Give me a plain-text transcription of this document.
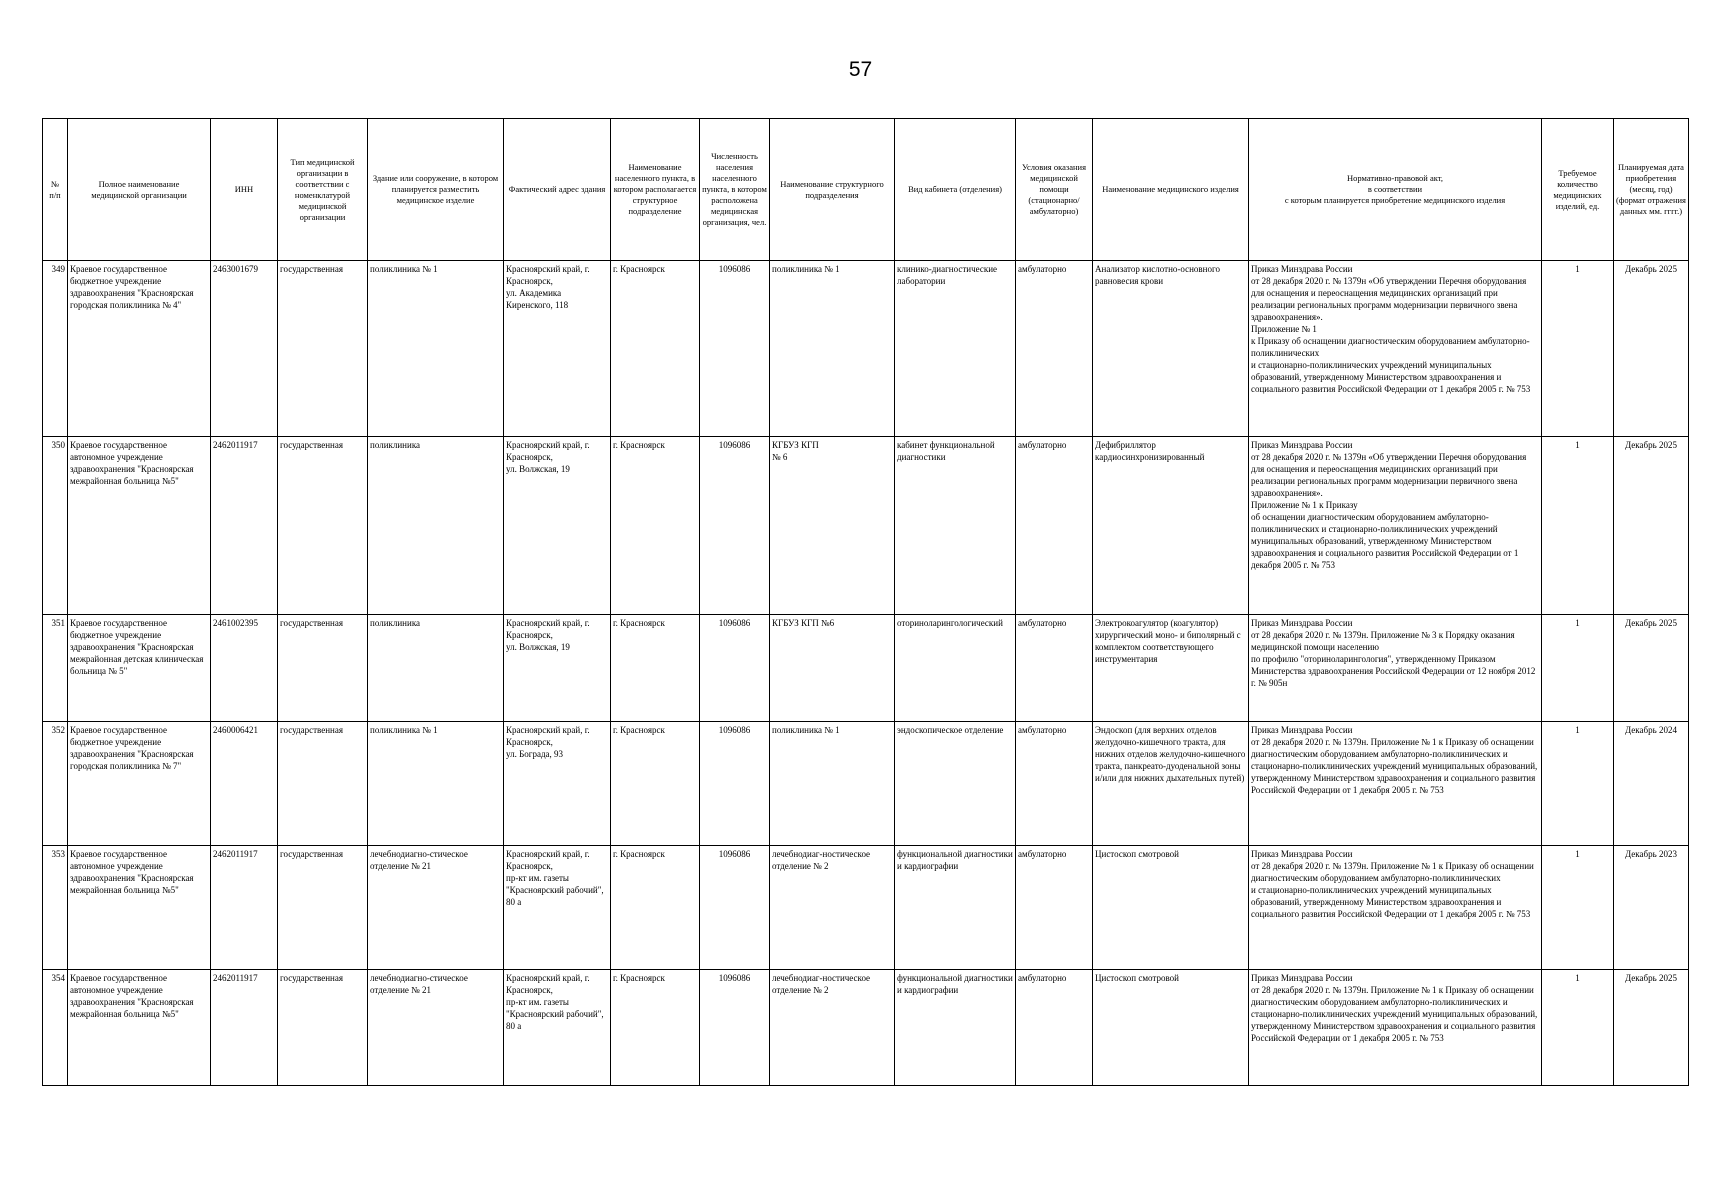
57
№
п/п	Полное наименование
медицинской организации	ИНН	Тип медицинской организации в соответствии с номенклатурой медицинской организации	Здание или сооружение, в котором планируется разместить медицинское изделие	Фактический адрес здания	Наименование населенного пункта, в котором располагается структурное подразделение	Численность населения населенного пункта, в котором расположена медицинская организация, чел.	Наименование структурного подразделения	Вид кабинета (отделения)	Условия оказания медицинской помощи (стационарно/ амбулаторно)	Наименование медицинского изделия	Нормативно-правовой акт,
в соответствии
с которым планируется приобретение медицинского изделия	Требуемое количество медицинских изделий, ед.	Планируемая дата приобретения (месяц, год) (формат отражения данных мм. гггг.)
349	Краевое государственное бюджетное учреждение здравоохранения "Красноярская городская поликлиника № 4"	2463001679	государственная	поликлиника № 1	Красноярский край, г. Красноярск,
ул. Академика Киренского, 118	г. Красноярск	1096086	поликлиника № 1	клинико-диагностические лаборатории	амбулаторно	Анализатор кислотно-основного равновесия крови	Приказ Минздрава России
от 28 декабря 2020 г. № 1379н «Об утверждении Перечня оборудования для оснащения и переоснащения медицинских организаций при реализации региональных программ модернизации первичного звена здравоохранения».
Приложение № 1
к Приказу об оснащении диагностическим оборудованием амбулаторно-поликлинических
и стационарно-поликлинических учреждений муниципальных образований, утвержденному Министерством здравоохранения и социального развития Российской Федерации от 1 декабря 2005 г. № 753	1	Декабрь 2025
350	Краевое государственное автономное учреждение здравоохранения "Красноярская межрайонная больница №5"	2462011917	государственная	поликлиника	Красноярский край, г. Красноярск,
ул. Волжская, 19	г. Красноярск	1096086	КГБУЗ КГП
№ 6	кабинет функциональной диагностики	амбулаторно	Дефибриллятор кардиосинхронизированный	Приказ Минздрава России
от 28 декабря 2020 г. № 1379н «Об утверждении Перечня оборудования для оснащения и переоснащения медицинских организаций при реализации региональных программ модернизации первичного звена здравоохранения».
Приложение № 1 к Приказу
об оснащении диагностическим оборудованием амбулаторно-поликлинических и стационарно-поликлинических учреждений муниципальных образований, утвержденному Министерством здравоохранения и социального развития Российской Федерации от 1 декабря 2005 г. № 753	1	Декабрь 2025
351	Краевое государственное бюджетное учреждение здравоохранения "Красноярская межрайонная детская клиническая больница № 5"	2461002395	государственная	поликлиника	Красноярский край, г. Красноярск,
ул. Волжская, 19	г. Красноярск	1096086	КГБУЗ КГП №6	оториноларингологический	амбулаторно	Электрокоагулятор (коагулятор) хирургический моно- и биполярный с комплектом соответствующего инструментария	Приказ Минздрава России
от 28 декабря 2020 г. № 1379н. Приложение № 3 к Порядку оказания медицинской помощи населению
по профилю "оториноларингология", утвержденному Приказом Министерства здравоохранения Российской Федерации от 12 ноября 2012 г. № 905н	1	Декабрь 2025
352	Краевое государственное бюджетное учреждение здравоохранения "Красноярская городская поликлиника № 7"	2460006421	государственная	поликлиника № 1	Красноярский край, г. Красноярск,
ул. Бограда, 93	г. Красноярск	1096086	поликлиника № 1	эндоскопическое отделение	амбулаторно	Эндоскоп (для верхних отделов желудочно-кишечного тракта, для нижних отделов желудочно-кишечного тракта, панкреато-дуоденальной зоны и/или для нижних дыхательных путей)	Приказ Минздрава России
от 28 декабря 2020 г. № 1379н. Приложение № 1 к Приказу об оснащении диагностическим оборудованием амбулаторно-поликлинических и стационарно-поликлинических учреждений муниципальных образований, утвержденному Министерством здравоохранения и социального развития Российской Федерации от 1 декабря 2005 г. № 753	1	Декабрь 2024
353	Краевое государственное автономное учреждение здравоохранения "Красноярская межрайонная больница №5"	2462011917	государственная	лечебнодиагно-стическое отделение № 21	Красноярский край, г. Красноярск,
пр-кт им. газеты "Красноярский рабочий", 80 а	г. Красноярск	1096086	лечебнодиаг-ностическое отделение № 2	функциональной диагностики и кардиографии	амбулаторно	Цистоскоп смотровой	Приказ Минздрава России
от 28 декабря 2020 г. № 1379н. Приложение № 1 к Приказу об оснащении диагностическим оборудованием амбулаторно-поликлинических
и стационарно-поликлинических учреждений муниципальных образований, утвержденному Министерством здравоохранения и социального развития Российской Федерации от 1 декабря 2005 г. № 753	1	Декабрь 2023
354	Краевое государственное автономное учреждение здравоохранения "Красноярская межрайонная больница №5"	2462011917	государственная	лечебнодиагно-стическое отделение № 21	Красноярский край, г. Красноярск,
пр-кт им. газеты "Красноярский рабочий", 80 а	г. Красноярск	1096086	лечебнодиаг-ностическое отделение № 2	функциональной диагностики и кардиографии	амбулаторно	Цистоскоп смотровой	Приказ Минздрава России
от 28 декабря 2020 г. № 1379н. Приложение № 1 к Приказу об оснащении диагностическим оборудованием амбулаторно-поликлинических и стационарно-поликлинических учреждений муниципальных образований, утвержденному Министерством здравоохранения и социального развития Российской Федерации от 1 декабря 2005 г. № 753	1	Декабрь 2025
